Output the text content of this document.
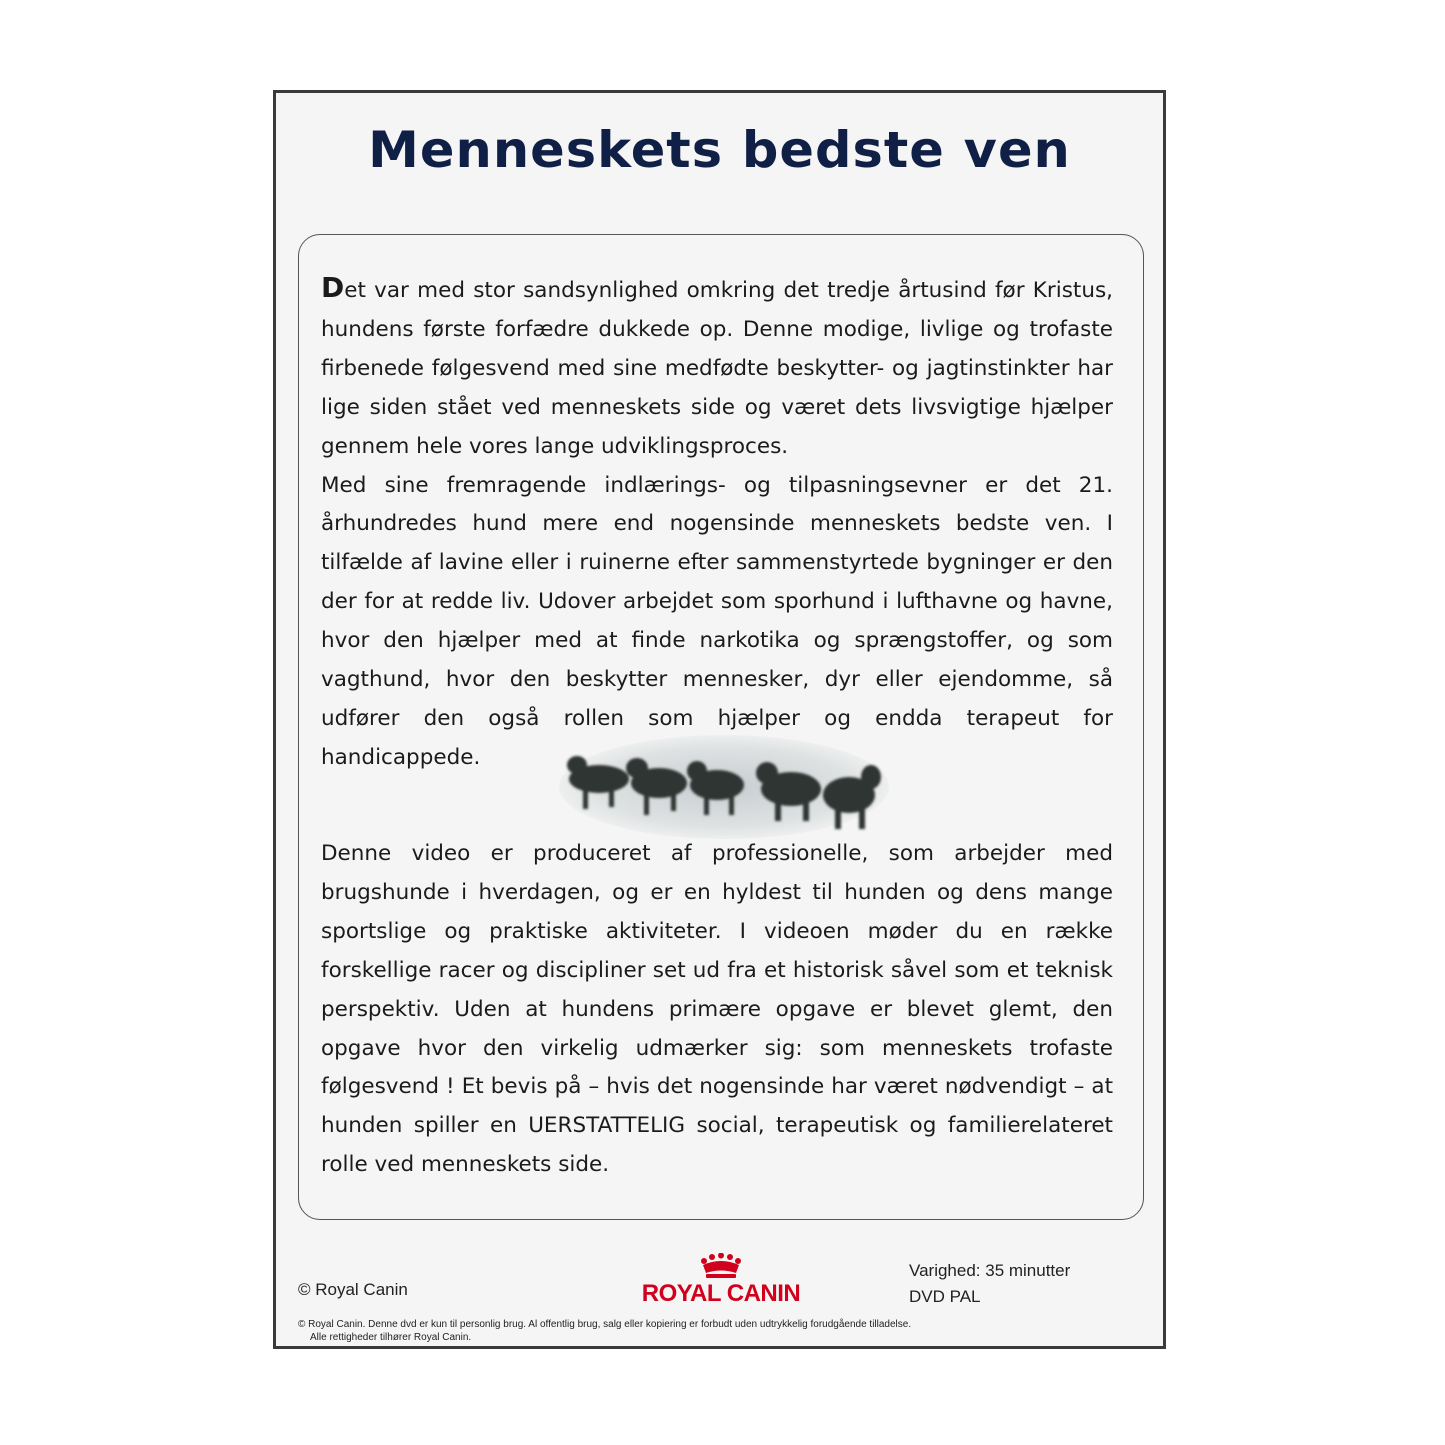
Menneskets bedste ven

Det var med stor sandsynlighed omkring det tredje årtusind før Kristus, hundens første forfædre dukkede op. Denne modige, livlige og trofaste firbenede følgesvend med sine medfødte beskytter- og jagtinstinkter har lige siden stået ved menneskets side og været dets livsvigtige hjælper gennem hele vores lange udviklingsproces.
Med sine fremragende indlærings- og tilpasningsevner er det 21. århundredes hund mere end nogensinde menneskets bedste ven. I tilfælde af lavine eller i ruinerne efter sammenstyrtede bygninger er den der for at redde liv. Udover arbejdet som sporhund i lufthavne og havne, hvor den hjælper med at finde narkotika og sprængstoffer, og som vagthund, hvor den beskytter mennesker, dyr eller ejendomme, så udfører den også rollen som hjælper og endda terapeut for handicappede.

Denne video er produceret af professionelle, som arbejder med brugshunde i hverdagen, og er en hyldest til hunden og dens mange sportslige og praktiske aktiviteter. I videoen møder du en række forskellige racer og discipliner set ud fra et historisk såvel som et teknisk perspektiv. Uden at hundens primære opgave er blevet glemt, den opgave hvor den virkelig udmærker sig: som menneskets trofaste følgesvend ! Et bevis på – hvis det nogensinde har været nødvendigt – at hunden spiller en UERSTATTELIG social, terapeutisk og familierelateret rolle ved menneskets side.

© Royal Canin	ROYAL CANIN
Varighed: 35 minutter
DVD PAL

© Royal Canin. Denne dvd er kun til personlig brug. Al offentlig brug, salg eller kopiering er forbudt uden udtrykkelig forudgående tilladelse.
Alle rettigheder tilhører Royal Canin.
